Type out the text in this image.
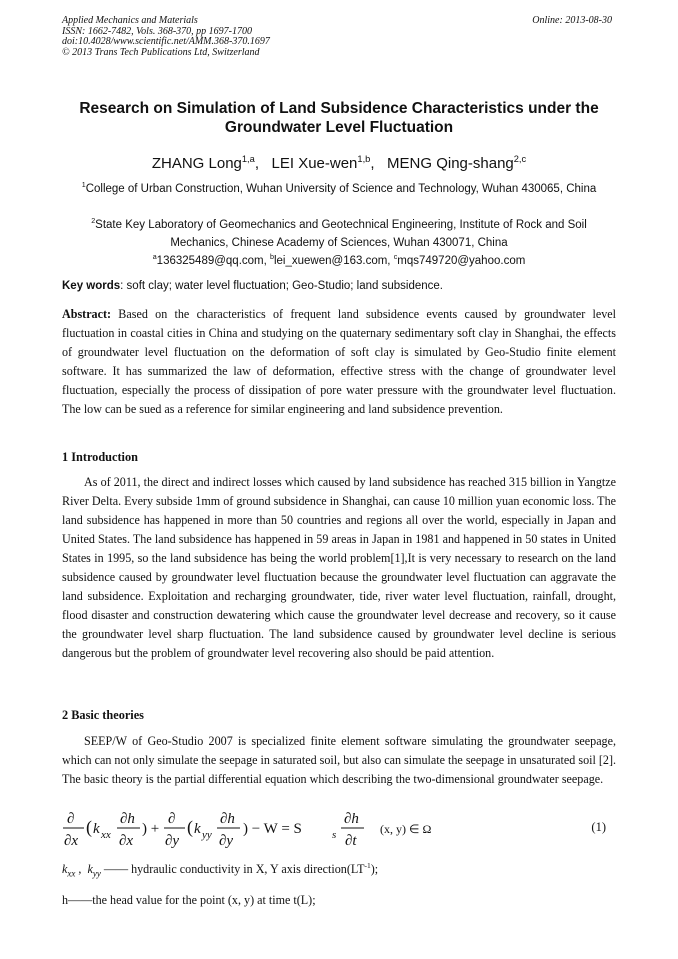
Applied Mechanics and Materials
ISSN: 1662-7482, Vols. 368-370, pp 1697-1700
doi:10.4028/www.scientific.net/AMM.368-370.1697
© 2013 Trans Tech Publications Ltd, Switzerland
Online: 2013-08-30
Research on Simulation of Land Subsidence Characteristics under the Groundwater Level Fluctuation
ZHANG Long$^{1,a}$,   LEI Xue-wen$^{1,b}$,   MENG Qing-shang$^{2,c}$
$^1$College of Urban Construction, Wuhan University of Science and Technology, Wuhan 430065, China
$^2$State Key Laboratory of Geomechanics and Geotechnical Engineering, Institute of Rock and Soil Mechanics, Chinese Academy of Sciences, Wuhan 430071, China
$^a$136325489@qq.com, $^b$lei_xuewen@163.com, $^c$mqs749720@yahoo.com
Key words: soft clay; water level fluctuation; Geo-Studio; land subsidence.
Abstract: Based on the characteristics of frequent land subsidence events caused by groundwater level fluctuation in coastal cities in China and studying on the quaternary sedimentary soft clay in Shanghai, the effects of groundwater level fluctuation on the deformation of soft clay is simulated by Geo-Studio finite element software. It has summarized the law of deformation, effective stress with the change of groundwater level fluctuation, especially the process of dissipation of pore water pressure with the groundwater level fluctuation. The low can be sued as a reference for similar engineering and land subsidence prevention.
1 Introduction
As of 2011, the direct and indirect losses which caused by land subsidence has reached 315 billion in Yangtze River Delta. Every subside 1mm of ground subsidence in Shanghai, can cause 10 million yuan economic loss. The land subsidence has happened in more than 50 countries and regions all over the world, especially in Japan and United States. The land subsidence has happened in 59 areas in Japan in 1981 and happened in 50 states in United States in 1995, so the land subsidence has being the world problem[1],It is very necessary to research on the land subsidence caused by groundwater level fluctuation because the groundwater level fluctuation can aggravate the land subsidence. Exploitation and recharging groundwater, tide, river water level fluctuation, rainfall, drought, flood disaster and construction dewatering which cause the groundwater level decrease and recovery, so it cause the groundwater level sharp fluctuation. The land subsidence caused by groundwater level decline is serious dangerous but the problem of groundwater level recovering also should be paid attention.
2 Basic theories
SEEP/W of Geo-Studio 2007 is specialized finite element software simulating the groundwater seepage, which can not only simulate the seepage in saturated soil, but also can simulate the seepage in unsaturated soil [2]. The basic theory is the partial differential equation which describing the two-dimensional groundwater seepage.
∂
∂x
( k xx
∂h
∂x
) +
∂
∂y
( k yy
∂h
∂y
) − W = S	s
∂h
∂t
(x, y) ∈ Ω	(1)
$k_{xx}$ ,  $k_{yy}$ —— hydraulic conductivity in X, Y axis $direction(LT^{-1})$;
h——the head value for the point (x, y) at time t(L);
